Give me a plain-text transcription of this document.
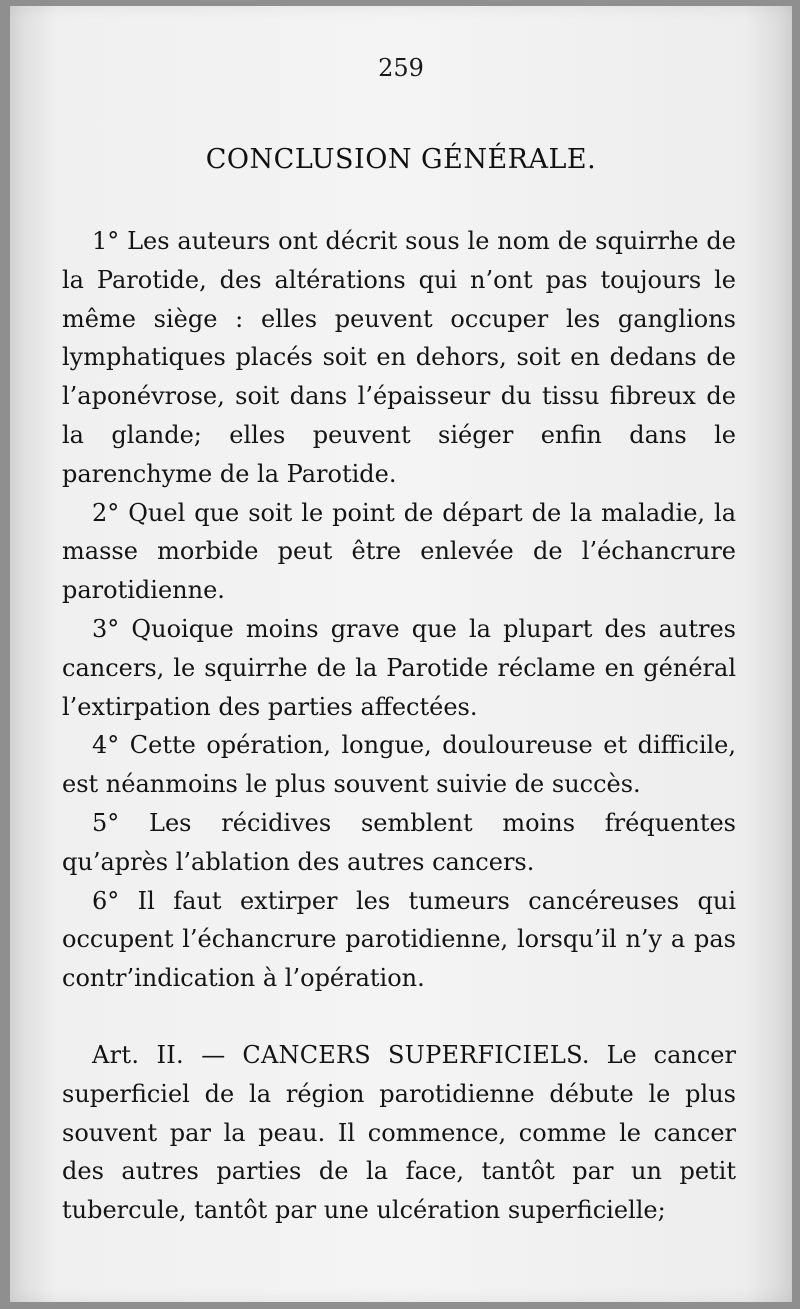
259
CONCLUSION GÉNÉRALE.

1° Les auteurs ont décrit sous le nom de squirrhe de la Parotide, des altérations qui n’ont pas toujours le même siège : elles peuvent occuper les ganglions lymphatiques placés soit en dehors, soit en dedans de l’aponévrose, soit dans l’épaisseur du tissu fibreux de la glande; elles peuvent siéger enfin dans le parenchyme de la Parotide.

2° Quel que soit le point de départ de la maladie, la masse morbide peut être enlevée de l’échancrure parotidienne.

3° Quoique moins grave que la plupart des autres cancers, le squirrhe de la Parotide réclame en général l’extirpation des parties affectées.

4° Cette opération, longue, douloureuse et difficile, est néanmoins le plus souvent suivie de succès.

5° Les récidives semblent moins fréquentes qu’après l’ablation des autres cancers.

6° Il faut extirper les tumeurs cancéreuses qui occupent l’échancrure parotidienne, lorsqu’il n’y a pas contr’indication à l’opération.

Art. II. — CANCERS SUPERFICIELS. Le cancer superficiel de la région parotidienne débute le plus souvent par la peau. Il commence, comme le cancer des autres parties de la face, tantôt par un petit tubercule, tantôt par une ulcération superficielle;
